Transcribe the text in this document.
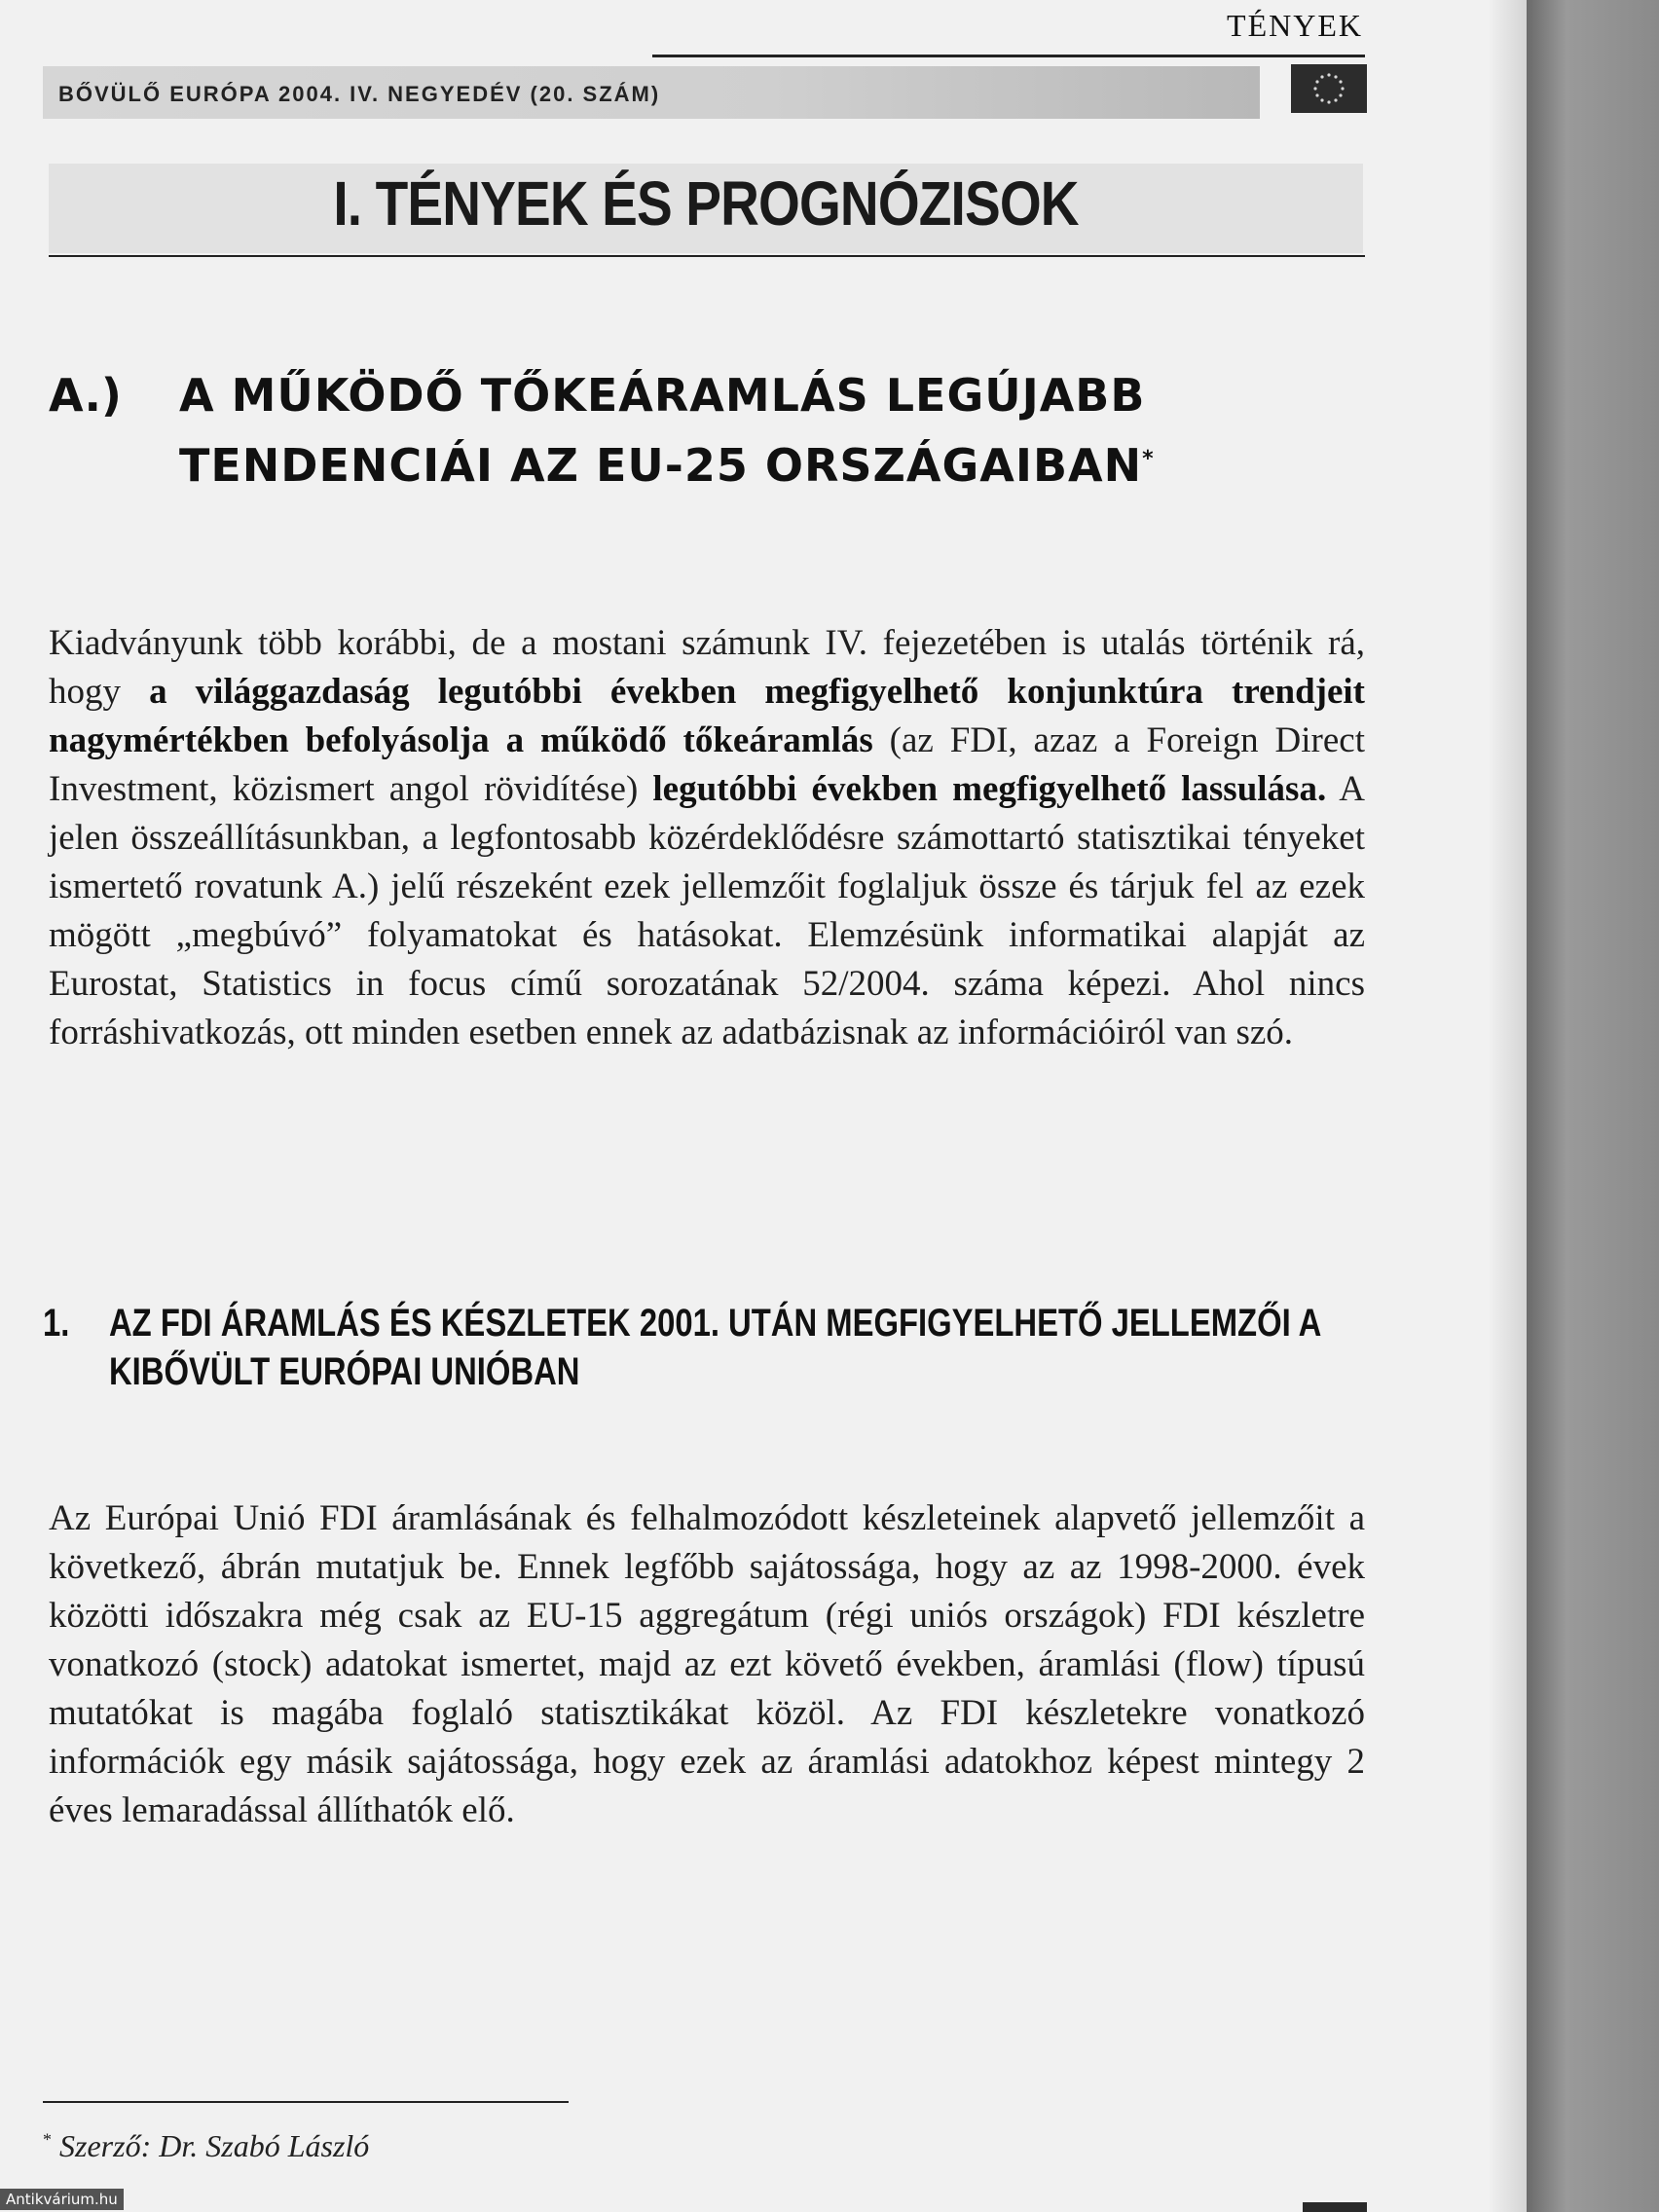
TÉNYEK
BŐVÜLŐ EURÓPA 2004. IV. NEGYEDÉV (20. SZÁM)
I. TÉNYEK ÉS PROGNÓZISOK
A.) A MŰKÖDŐ TŐKEÁRAMLÁS LEGÚJABB TENDENCIÁI AZ EU-25 ORSZÁGAIBAN*

Kiadványunk több korábbi, de a mostani számunk IV. fejezetében is utalás történik rá, hogy a világgazdaság legutóbbi években megfigyelhető konjunktúra trendjeit nagymértékben befolyásolja a működő tőkeáramlás (az FDI, azaz a Foreign Direct Investment, közismert angol rövidítése) legutóbbi években megfigyelhető lassulása. A jelen összeállításunkban, a legfontosabb közérdeklődésre számottartó statisztikai tényeket ismertető rovatunk A.) jelű részeként ezek jellemzőit foglaljuk össze és tárjuk fel az ezek mögött „megbúvó” folyamatokat és hatásokat. Elemzésünk informatikai alapját az Eurostat, Statistics in focus című sorozatának 52/2004. száma képezi. Ahol nincs forráshivatkozás, ott minden esetben ennek az adatbázisnak az információiról van szó.

1. AZ FDI ÁRAMLÁS ÉS KÉSZLETEK 2001. UTÁN MEGFIGYELHETŐ JELLEMZŐI A KIBŐVÜLT EURÓPAI UNIÓBAN

Az Európai Unió FDI áramlásának és felhalmozódott készleteinek alapvető jellemzőit a következő, ábrán mutatjuk be. Ennek legfőbb sajátossága, hogy az az 1998-2000. évek közötti időszakra még csak az EU-15 aggregátum (régi uniós országok) FDI készletre vonatkozó (stock) adatokat ismertet, majd az ezt követő években, áramlási (flow) típusú mutatókat is magába foglaló statisztikákat közöl. Az FDI készletekre vonatkozó információk egy másik sajátossága, hogy ezek az áramlási adatokhoz képest mintegy 2 éves lemaradással állíthatók elő.

* Szerző: Dr. Szabó László
Antikvárium.hu
